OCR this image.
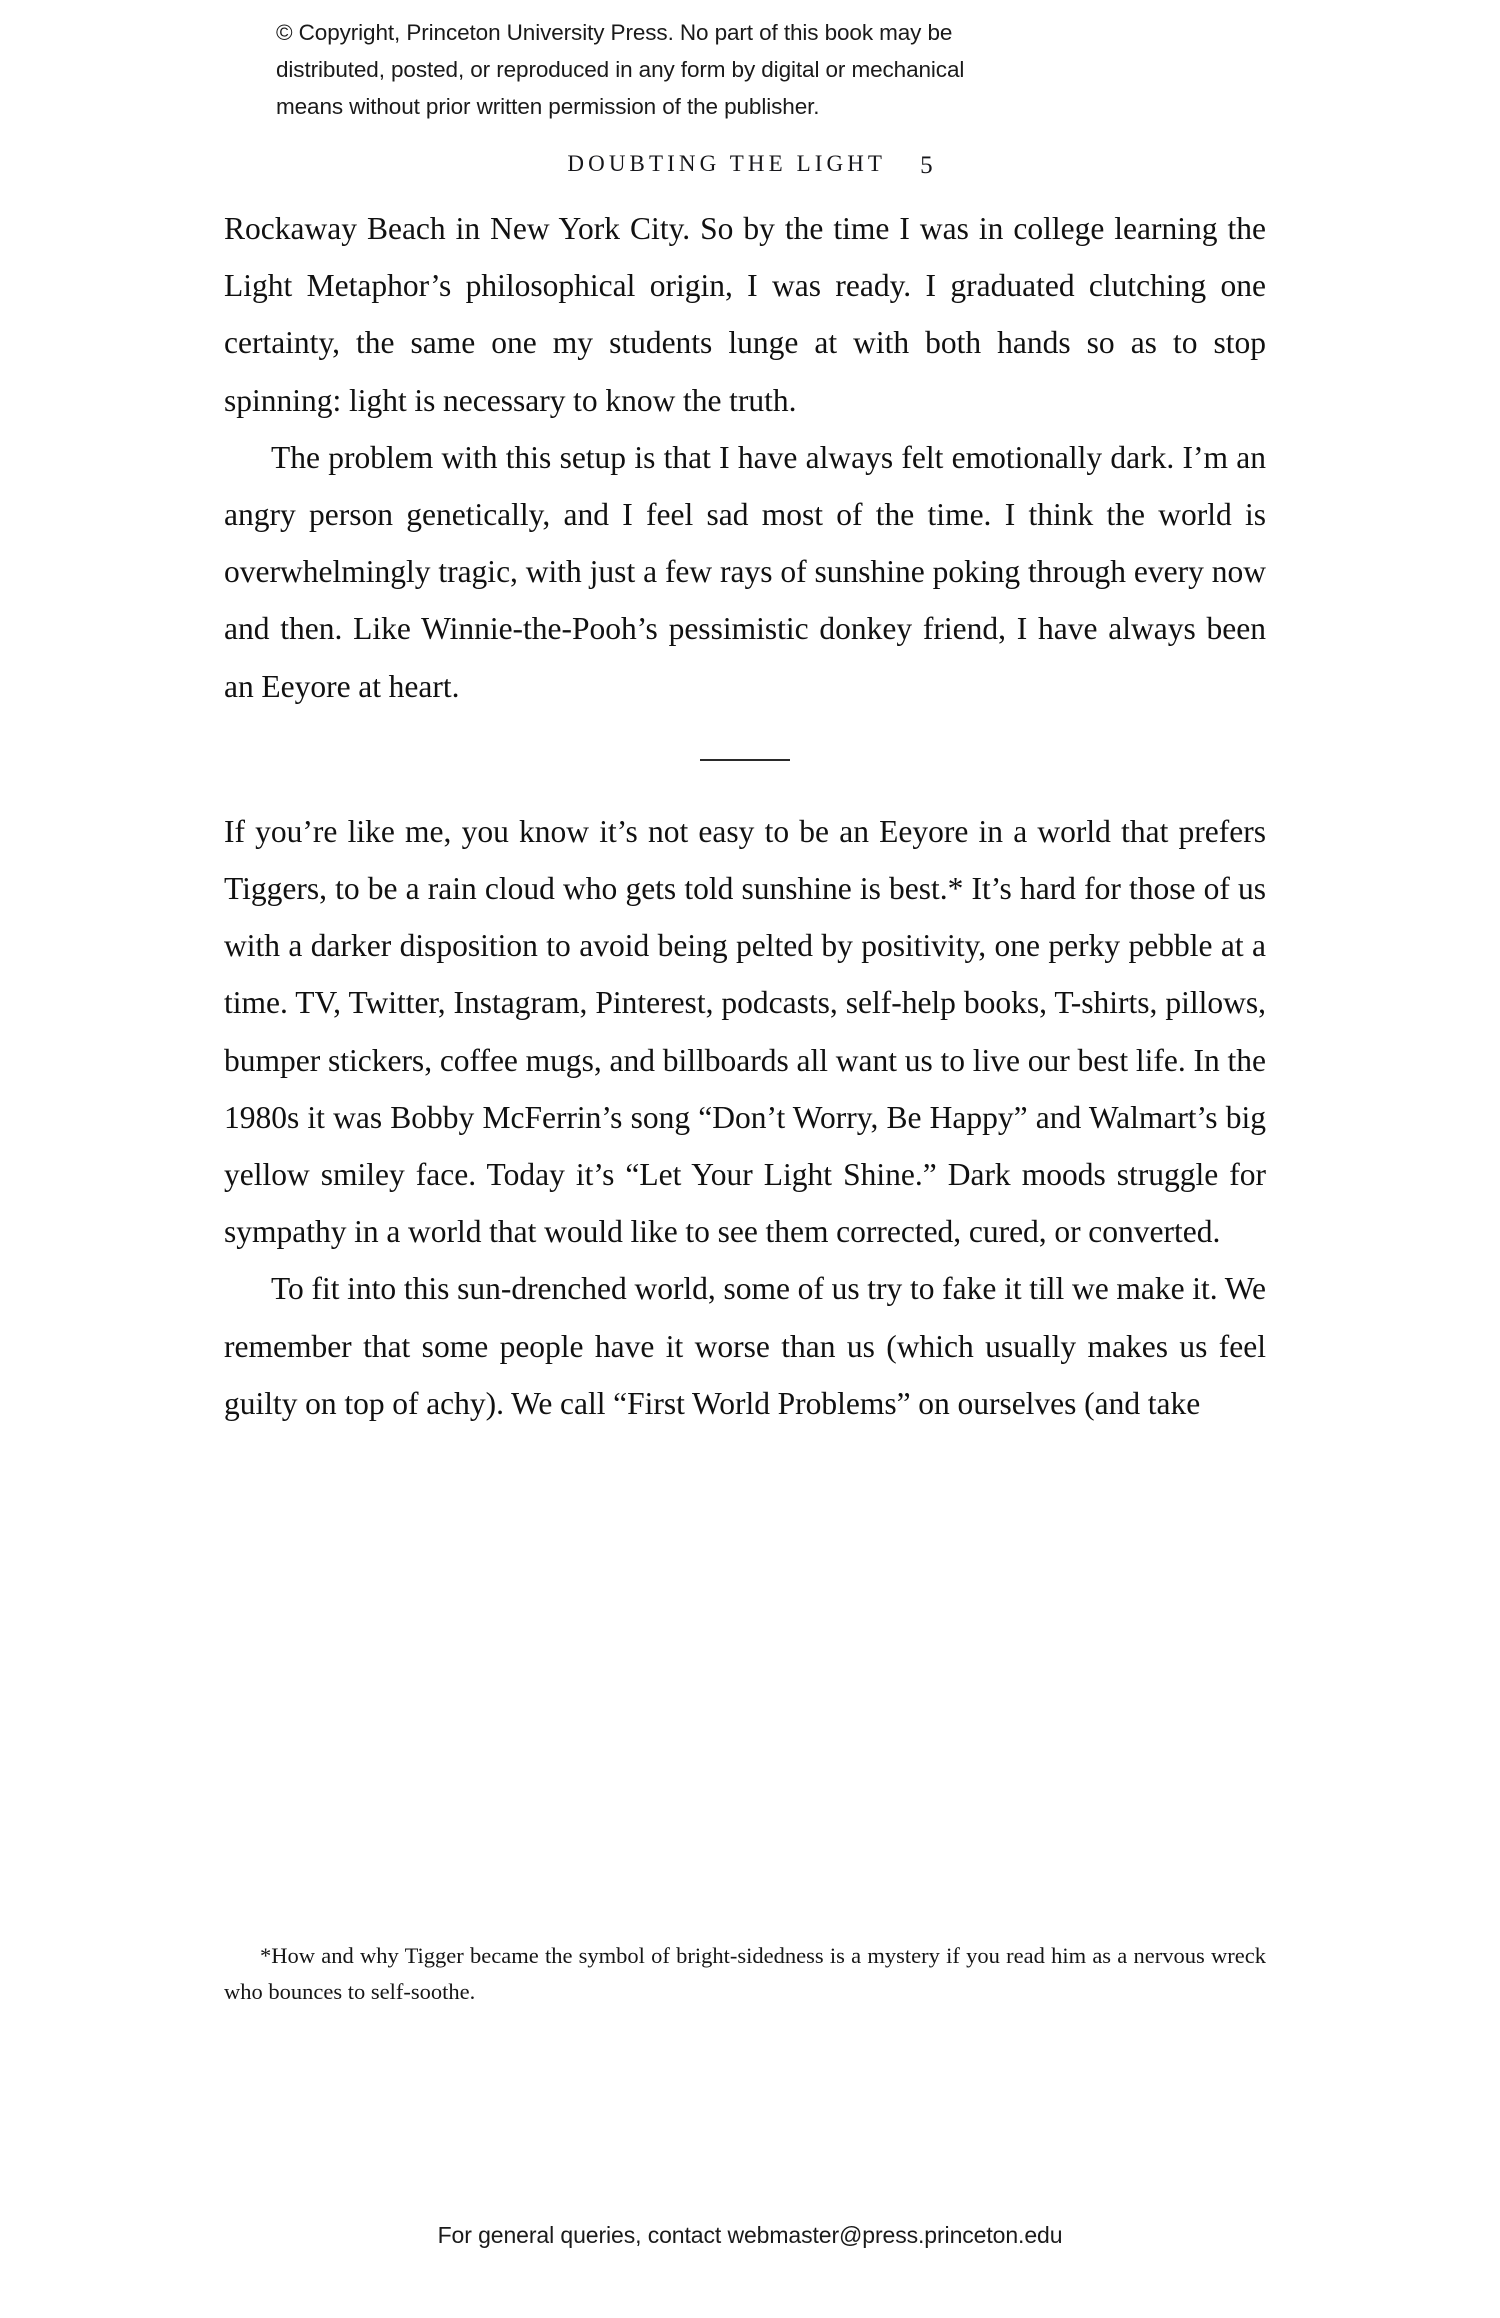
© Copyright, Princeton University Press. No part of this book may be
distributed, posted, or reproduced in any form by digital or mechanical
means without prior written permission of the publisher.
DOUBTING THE LIGHT 5

Rockaway Beach in New York City. So by the time I was in college learning the Light Metaphor’s philosophical origin, I was ready. I graduated clutching one certainty, the same one my students lunge at with both hands so as to stop spinning: light is necessary to know the truth.

The problem with this setup is that I have always felt emotionally dark. I’m an angry person genetically, and I feel sad most of the time. I think the world is overwhelmingly tragic, with just a few rays of sunshine poking through every now and then. Like Winnie-the-Pooh’s pessimistic donkey friend, I have always been an Eeyore at heart.

If you’re like me, you know it’s not easy to be an Eeyore in a world that prefers Tiggers, to be a rain cloud who gets told sunshine is best.* It’s hard for those of us with a darker disposition to avoid being pelted by positivity, one perky pebble at a time. TV, Twitter, Instagram, Pinterest, podcasts, self-help books, T-shirts, pillows, bumper stickers, coffee mugs, and billboards all want us to live our best life. In the 1980s it was Bobby McFerrin’s song “Don’t Worry, Be Happy” and Walmart’s big yellow smiley face. Today it’s “Let Your Light Shine.” Dark moods struggle for sympathy in a world that would like to see them corrected, cured, or converted.

To fit into this sun-drenched world, some of us try to fake it till we make it. We remember that some people have it worse than us (which usually makes us feel guilty on top of achy). We call “First World Problems” on ourselves (and take

*How and why Tigger became the symbol of bright-sidedness is a mystery if you read him as a nervous wreck who bounces to self-soothe.
For general queries, contact webmaster@press.princeton.edu
